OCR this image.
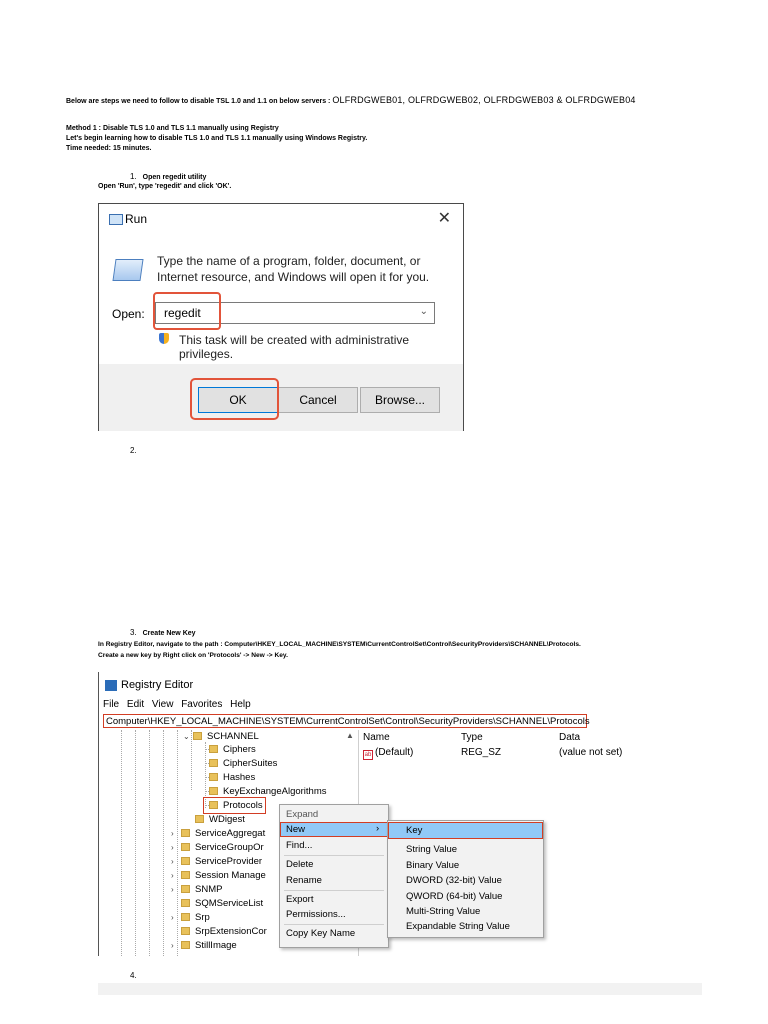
Below are steps we need to follow to disable TSL 1.0 and 1.1 on below servers : OLFRDGWEB01, OLFRDGWEB02, OLFRDGWEB03 & OLFRDGWEB04
Method 1 : Disable TLS 1.0 and TLS 1.1 manually using Registry
Let's begin learning how to disable TLS 1.0 and TLS 1.1 manually using Windows Registry.
Time needed: 15 minutes.
1. Open regedit utility
Open 'Run', type 'regedit' and click 'OK'.
Run	✕
Type the name of a program, folder, document, or
Internet resource, and Windows will open it for you.
Open: regedit	⌄
This task will be created with administrative privileges.
OK	Cancel	Browse...
2.
3. Create New Key
In Registry Editor, navigate to the path : Computer\HKEY_LOCAL_MACHINE\SYSTEM\CurrentControlSet\Control\SecurityProviders\SCHANNEL\Protocols.
Create a new key by Right click on 'Protocols' -> New -> Key.
Registry Editor
File Edit View Favorites Help
Computer\HKEY_LOCAL_MACHINE\SYSTEM\CurrentControlSet\Control\SecurityProviders\SCHANNEL\Protocols
⌄ SCHANNEL
Ciphers
CipherSuites
Hashes
KeyExchangeAlgorithms
Protocols
WDigest
› ServiceAggregat
› ServiceGroupOr
› ServiceProvider
› Session Manage
› SNMP
SQMServiceList
› Srp
SrpExtensionCor
› StillImage
▲ Name	Type	Data
ab (Default)	REG_SZ	(value not set)
Expand
New	›
Find...
Delete
Rename
Export
Permissions...
Copy Key Name
Key
String Value
Binary Value
DWORD (32-bit) Value
QWORD (64-bit) Value
Multi-String Value
Expandable String Value
4.
